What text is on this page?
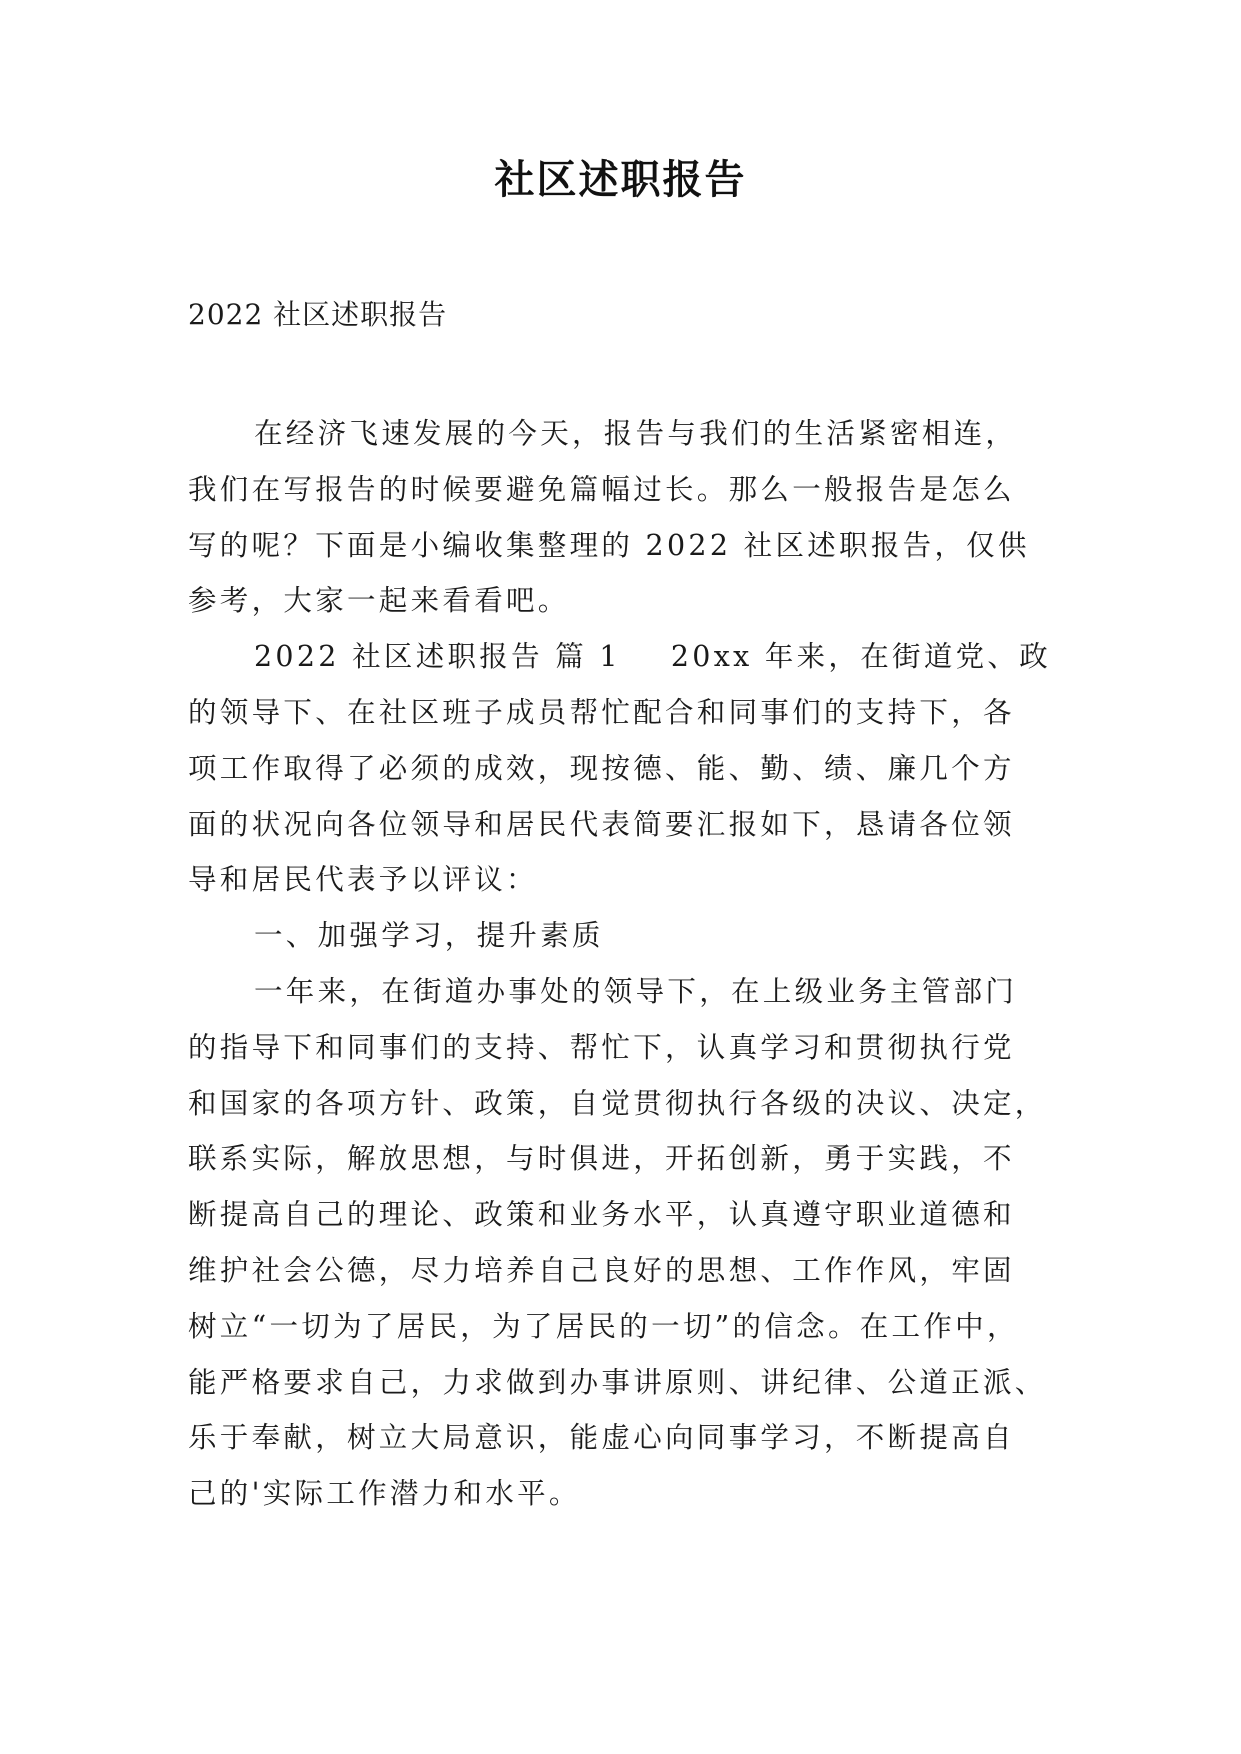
社区述职报告
2022 社区述职报告
在经济飞速发展的今天，报告与我们的生活紧密相连，
我们在写报告的时候要避免篇幅过长。那么一般报告是怎么
写的呢？下面是小编收集整理的 2022 社区述职报告，仅供
参考，大家一起来看看吧。
2022 社区述职报告 篇 1 20xx 年来，在街道党、政
的领导下、在社区班子成员帮忙配合和同事们的支持下，各
项工作取得了必须的成效，现按德、能、勤、绩、廉几个方
面的状况向各位领导和居民代表简要汇报如下，恳请各位领
导和居民代表予以评议：
一、加强学习，提升素质
一年来，在街道办事处的领导下，在上级业务主管部门
的指导下和同事们的支持、帮忙下，认真学习和贯彻执行党
和国家的各项方针、政策，自觉贯彻执行各级的决议、决定，
联系实际，解放思想，与时俱进，开拓创新，勇于实践，不
断提高自己的理论、政策和业务水平，认真遵守职业道德和
维护社会公德，尽力培养自己良好的思想、工作作风，牢固
树立“一切为了居民，为了居民的一切”的信念。在工作中，
能严格要求自己，力求做到办事讲原则、讲纪律、公道正派、
乐于奉献，树立大局意识，能虚心向同事学习，不断提高自
己的'实际工作潜力和水平。
